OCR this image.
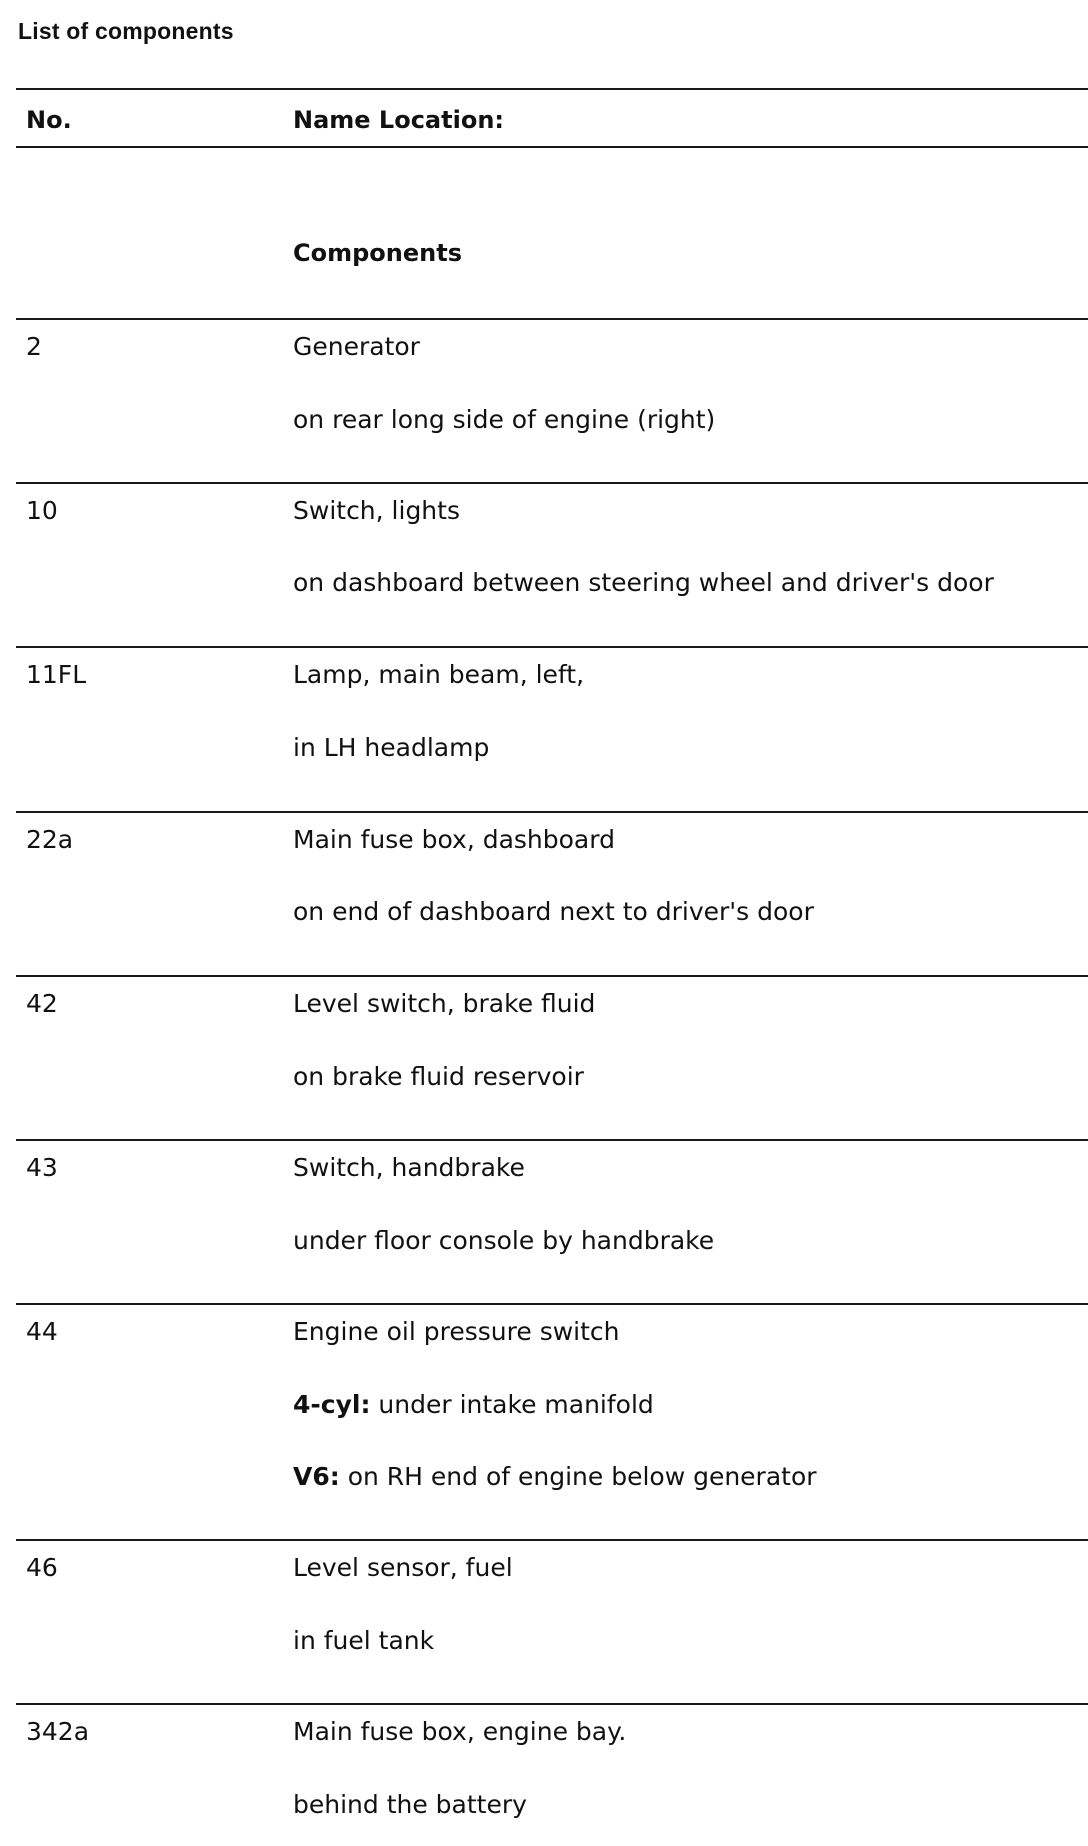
List of components
No.	Name Location:
Components
2	Generator
on rear long side of engine (right)
10	Switch, lights
on dashboard between steering wheel and driver's door
11FL	Lamp, main beam, left,
in LH headlamp
22a	Main fuse box, dashboard
on end of dashboard next to driver's door
42	Level switch, brake fluid
on brake fluid reservoir
43	Switch, handbrake
under floor console by handbrake
44	Engine oil pressure switch
4-cyl: under intake manifold
V6: on RH end of engine below generator
46	Level sensor, fuel
in fuel tank
342a	Main fuse box, engine bay.
behind the battery
